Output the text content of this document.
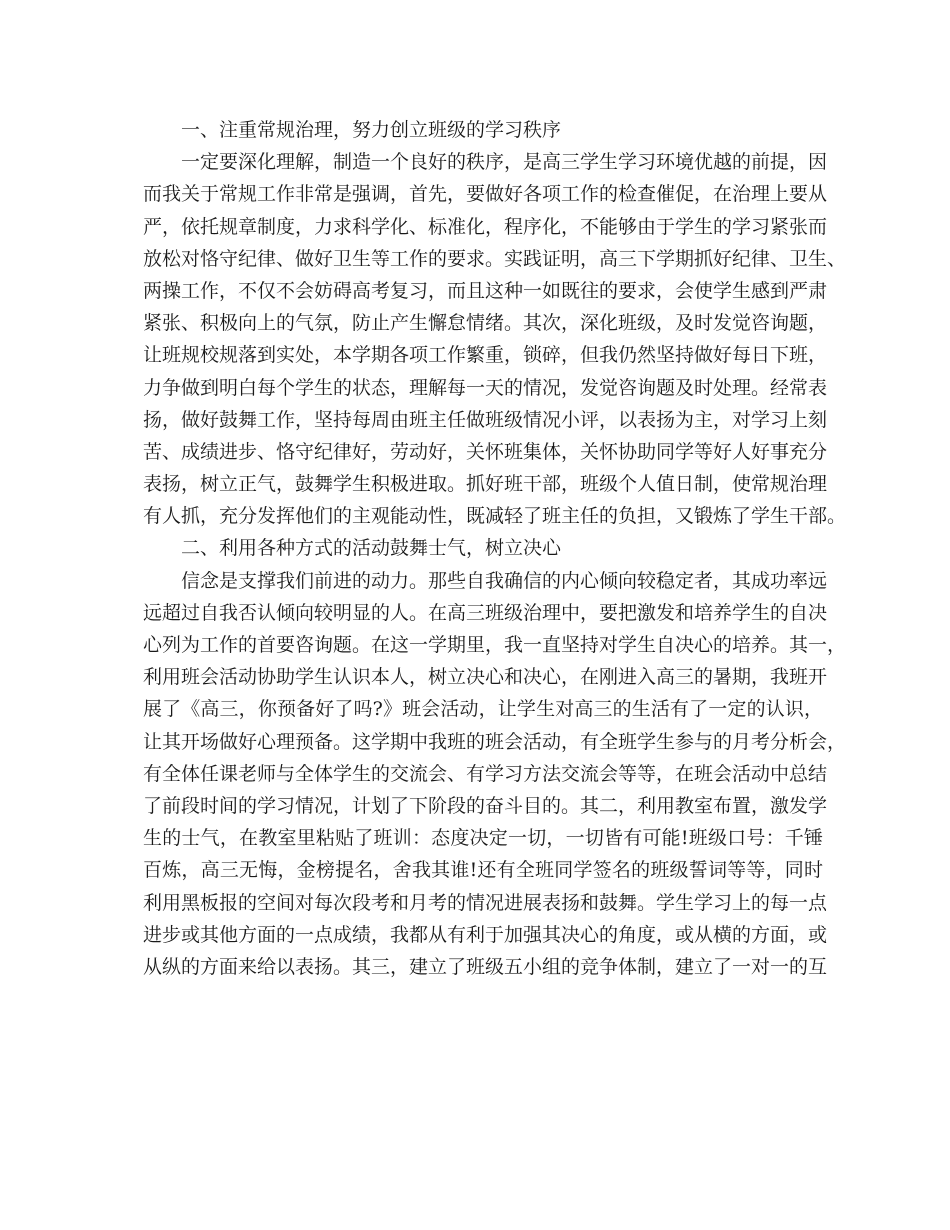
一、注重常规治理，努力创立班级的学习秩序
一定要深化理解，制造一个良好的秩序，是高三学生学习环境优越的前提，因
而我关于常规工作非常是强调，首先，要做好各项工作的检查催促，在治理上要从
严，依托规章制度，力求科学化、标准化，程序化，不能够由于学生的学习紧张而
放松对恪守纪律、做好卫生等工作的要求。实践证明，高三下学期抓好纪律、卫生、
两操工作，不仅不会妨碍高考复习，而且这种一如既往的要求，会使学生感到严肃
紧张、积极向上的气氛，防止产生懈怠情绪。其次，深化班级，及时发觉咨询题，
让班规校规落到实处，本学期各项工作繁重，锁碎，但我仍然坚持做好每日下班，
力争做到明白每个学生的状态，理解每一天的情况，发觉咨询题及时处理。经常表
扬，做好鼓舞工作，坚持每周由班主任做班级情况小评，以表扬为主，对学习上刻
苦、成绩进步、恪守纪律好，劳动好，关怀班集体，关怀协助同学等好人好事充分
表扬，树立正气，鼓舞学生积极进取。抓好班干部，班级个人值日制，使常规治理
有人抓，充分发挥他们的主观能动性，既减轻了班主任的负担，又锻炼了学生干部。
二、利用各种方式的活动鼓舞士气，树立决心
信念是支撑我们前进的动力。那些自我确信的内心倾向较稳定者，其成功率远
远超过自我否认倾向较明显的人。在高三班级治理中，要把激发和培养学生的自决
心列为工作的首要咨询题。在这一学期里，我一直坚持对学生自决心的培养。其一，
利用班会活动协助学生认识本人，树立决心和决心，在刚进入高三的暑期，我班开
展了《高三，你预备好了吗?》班会活动，让学生对高三的生活有了一定的认识，
让其开场做好心理预备。这学期中我班的班会活动，有全班学生参与的月考分析会，
有全体任课老师与全体学生的交流会、有学习方法交流会等等，在班会活动中总结
了前段时间的学习情况，计划了下阶段的奋斗目的。其二，利用教室布置，激发学
生的士气，在教室里粘贴了班训：态度决定一切，一切皆有可能!班级口号：千锤
百炼，高三无悔，金榜提名，舍我其谁!还有全班同学签名的班级誓词等等，同时
利用黑板报的空间对每次段考和月考的情况进展表扬和鼓舞。学生学习上的每一点
进步或其他方面的一点成绩，我都从有利于加强其决心的角度，或从横的方面，或
从纵的方面来给以表扬。其三，建立了班级五小组的竞争体制，建立了一对一的互
